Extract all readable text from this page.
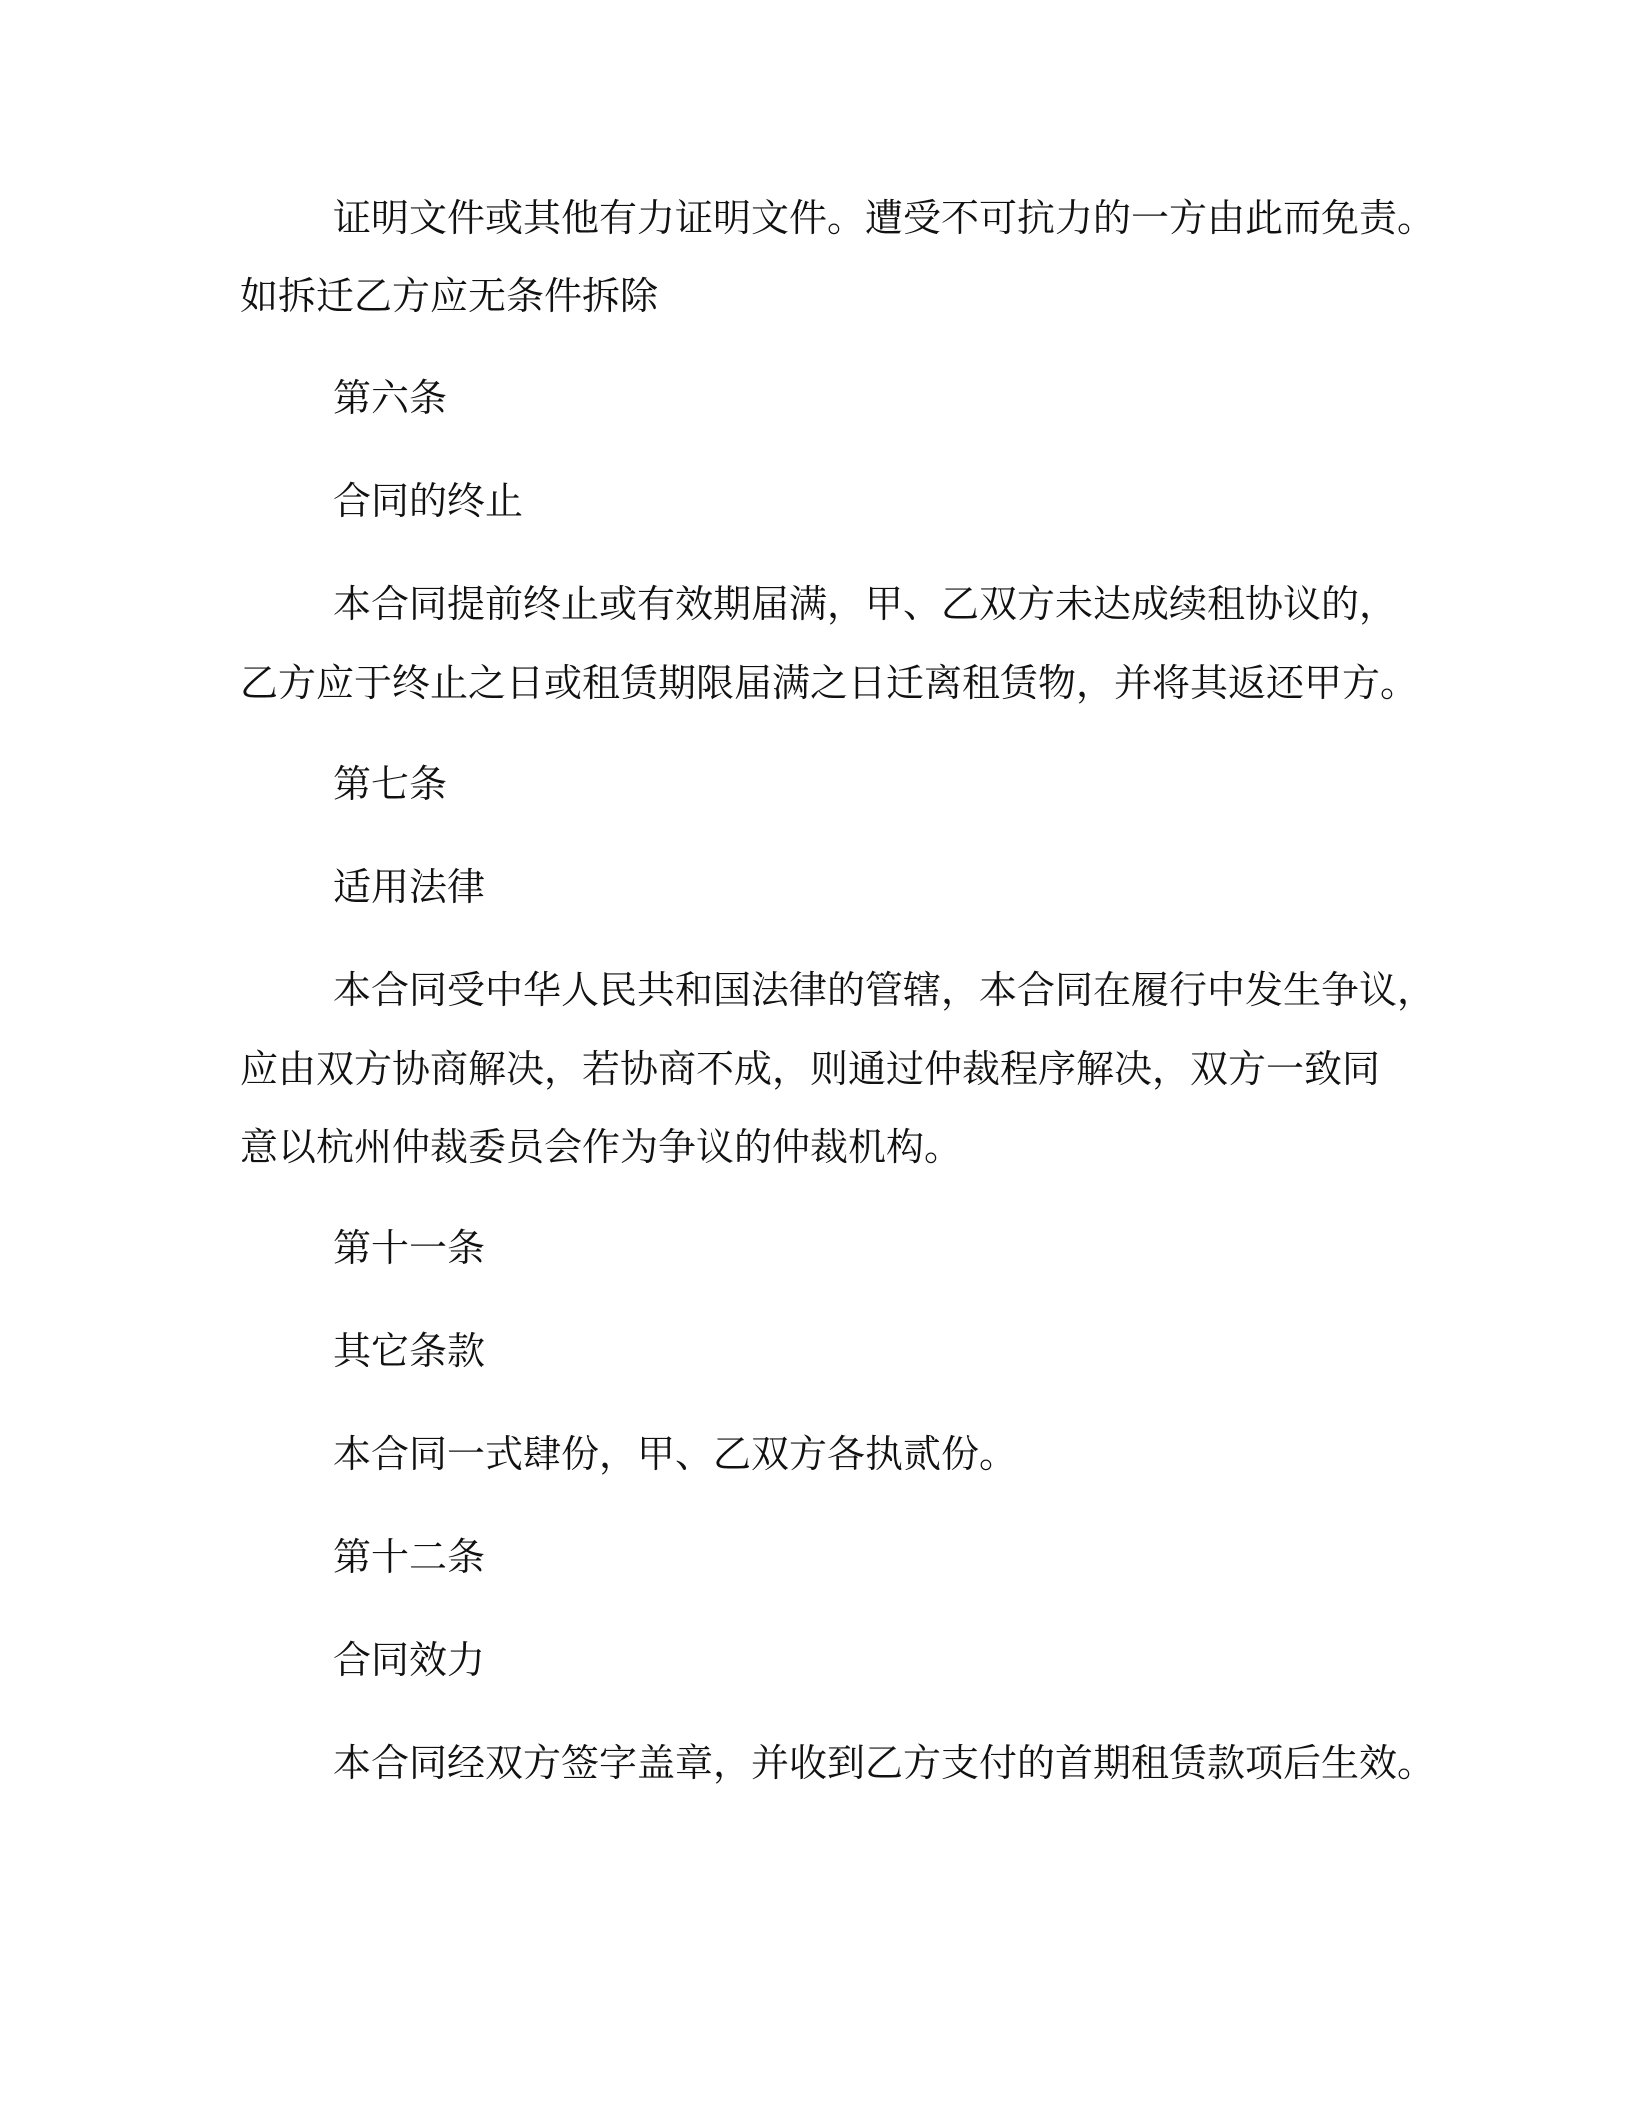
证明文件或其他有力证明文件。遭受不可抗力的一方由此而免责。
如拆迁乙方应无条件拆除
第六条
合同的终止
本合同提前终止或有效期届满，甲、乙双方未达成续租协议的，
乙方应于终止之日或租赁期限届满之日迁离租赁物，并将其返还甲方。
第七条
适用法律
本合同受中华人民共和国法律的管辖，本合同在履行中发生争议，
应由双方协商解决，若协商不成，则通过仲裁程序解决，双方一致同
意以杭州仲裁委员会作为争议的仲裁机构。
第十一条
其它条款
本合同一式肆份，甲、乙双方各执贰份。
第十二条
合同效力
本合同经双方签字盖章，并收到乙方支付的首期租赁款项后生效。
